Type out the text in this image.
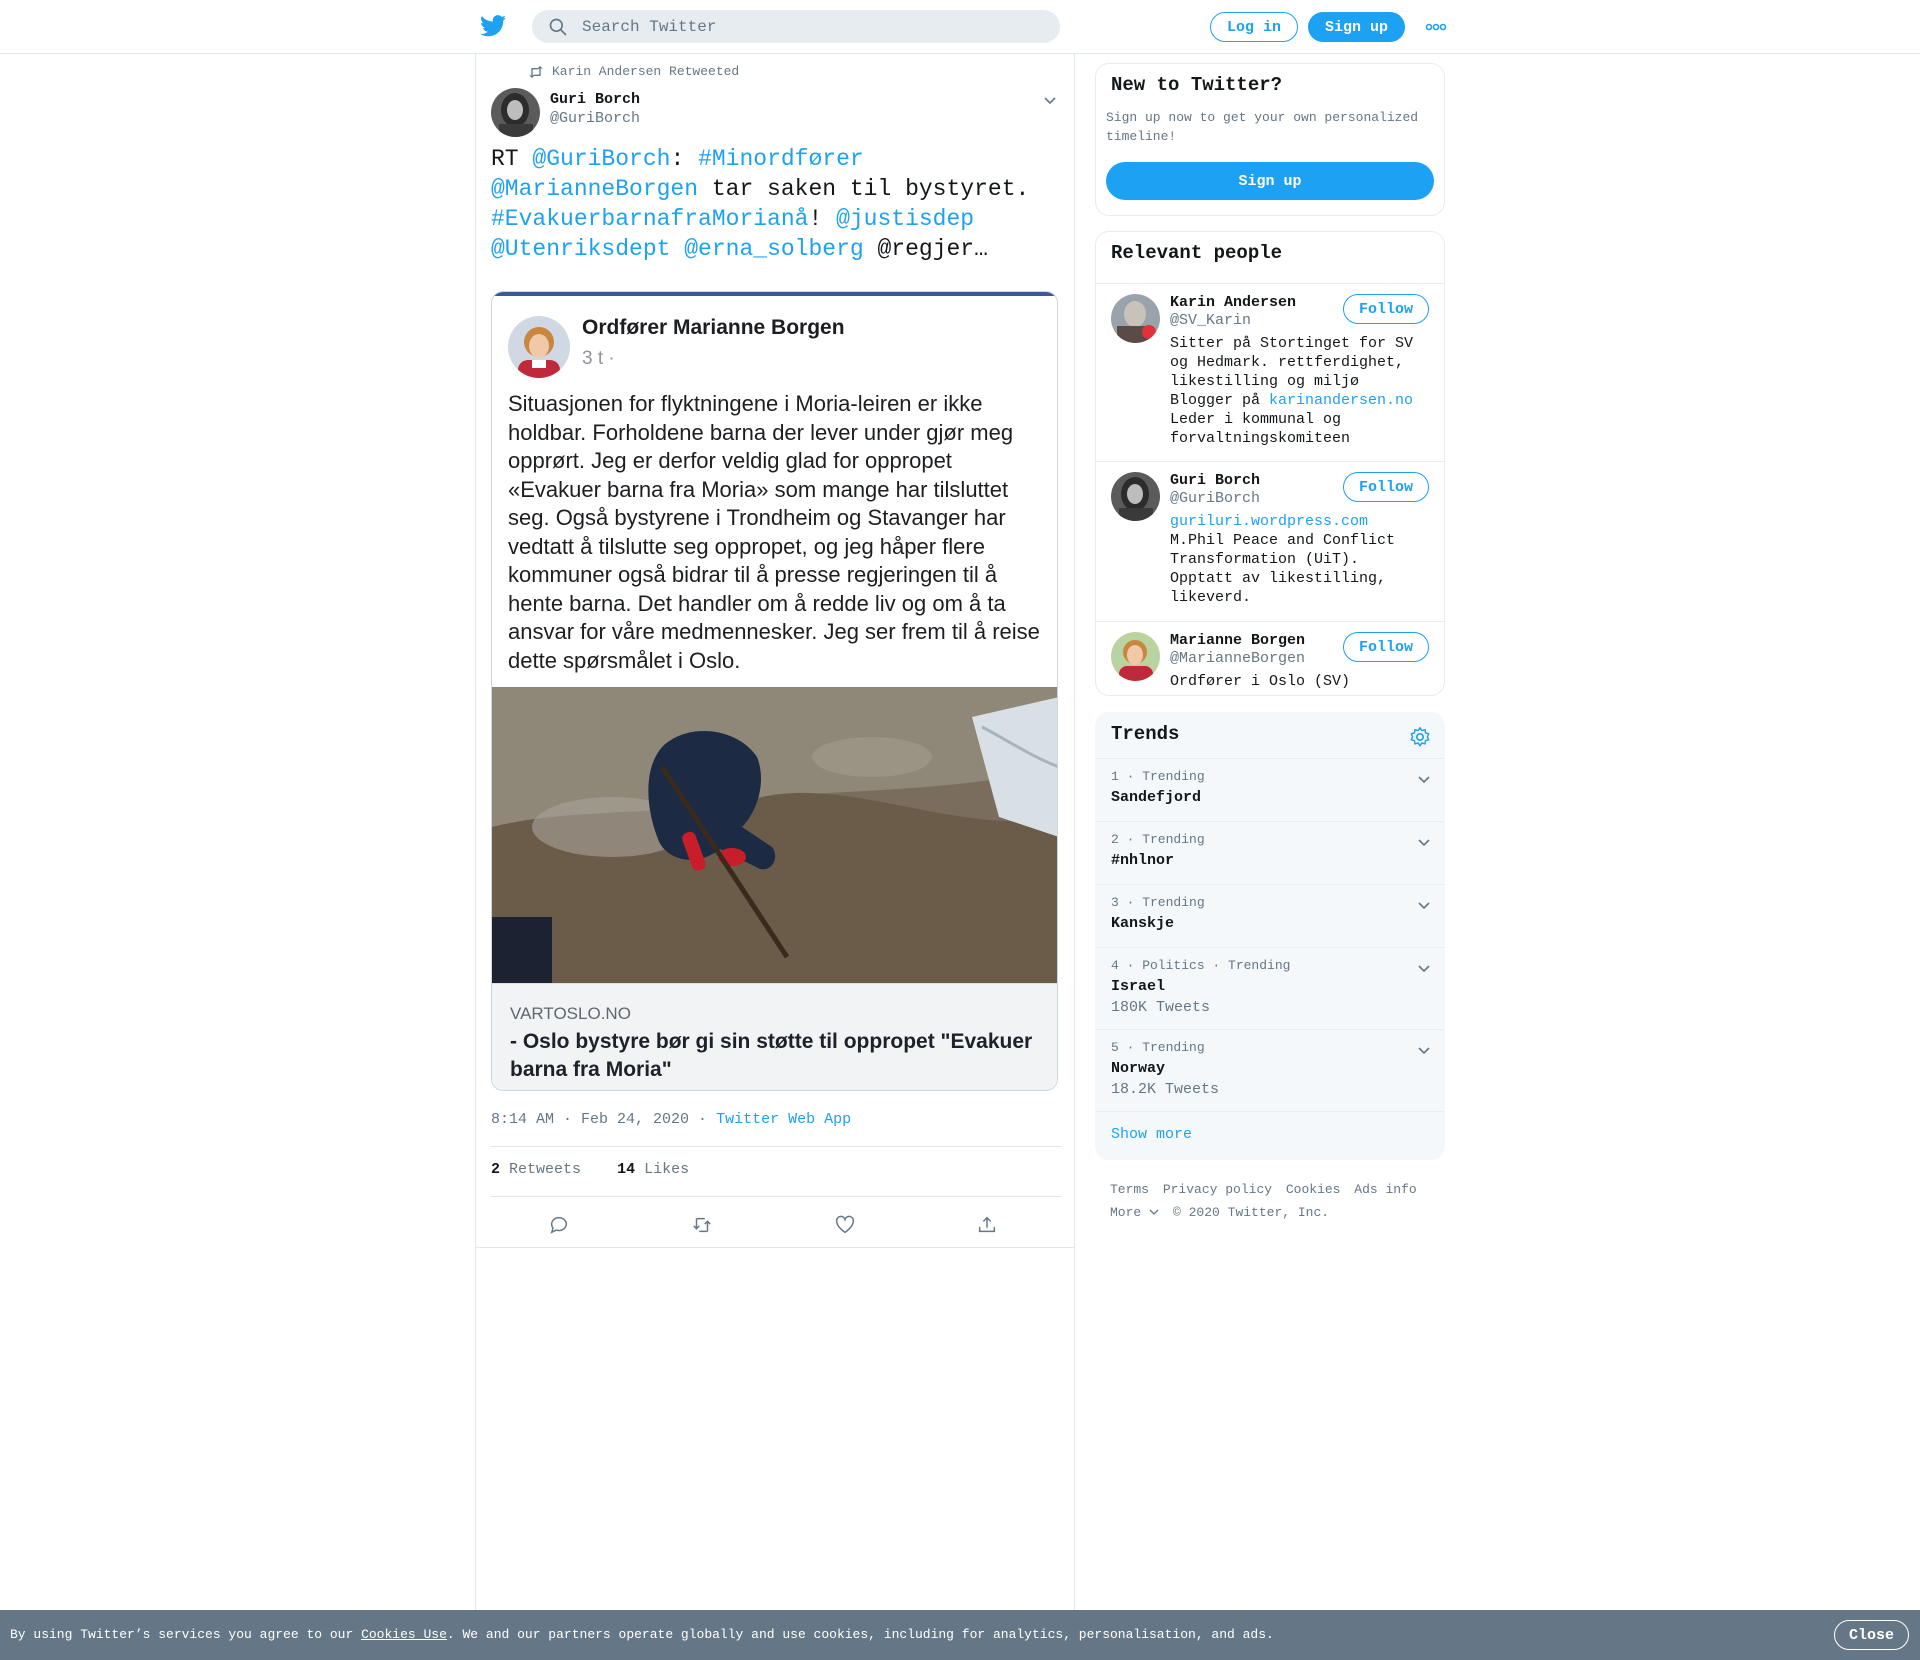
Search Twitter
Log in	Sign up
Karin Andersen Retweeted
Guri Borch
@GuriBorch
RT @GuriBorch: #Minordfører
@MarianneBorgen tar saken til bystyret.
#EvakuerbarnafraMorianå! @justisdep
@Utenriksdept @erna_solberg @regjer…
Ordfører Marianne Borgen
3 t ·
Situasjonen for flyktningene i Moria-leiren er ikke holdbar. Forholdene barna der lever under gjør meg opprørt. Jeg er derfor veldig glad for oppropet «Evakuer barna fra Moria» som mange har tilsluttet seg. Også bystyrene i Trondheim og Stavanger har vedtatt å tilslutte seg oppropet, og jeg håper flere kommuner også bidrar til å presse regjeringen til å hente barna. Det handler om å redde liv og om å ta ansvar for våre medmennesker. Jeg ser frem til å reise dette spørsmålet i Oslo.
VARTOSLO.NO
- Oslo bystyre bør gi sin støtte til oppropet "Evakuer barna fra Moria"
8:14 AM · Feb 24, 2020 · Twitter Web App
2 Retweets 14 Likes
New to Twitter?
Sign up now to get your own personalized timeline!
Sign up
Relevant people
Karin Andersen
@SV_Karin
Follow
Sitter på Stortinget for SV og Hedmark. rettferdighet, likestilling og miljø Blogger på karinandersen.no Leder i kommunal og forvaltningskomiteen
Guri Borch
@GuriBorch
Follow
guriluri.wordpress.com
M.Phil Peace and Conflict Transformation (UiT). Opptatt av likestilling, likeverd.
Marianne Borgen
@MarianneBorgen
Follow
Ordfører i Oslo (SV)
Trends
1 · Trending
Sandefjord
2 · Trending
#nhlnor
3 · Trending
Kanskje
4 · Politics · Trending
Israel
180K Tweets
5 · Trending
Norway
18.2K Tweets
Show more
Terms Privacy policy Cookies Ads info
More © 2020 Twitter, Inc.
By using Twitter’s services you agree to our Cookies Use. We and our partners operate globally and use cookies, including for analytics, personalisation, and ads.	Close
